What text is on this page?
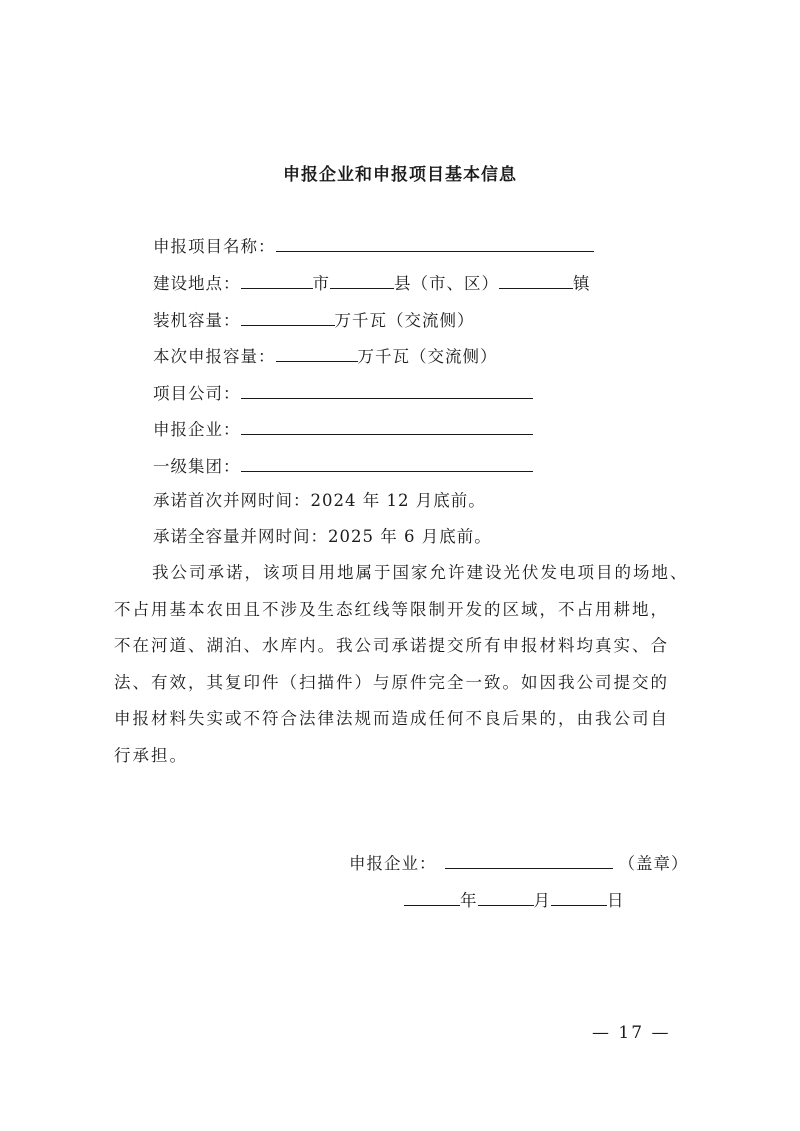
申报企业和申报项目基本信息
申报项目名称：
建设地点：	市	县（市、区）	镇
装机容量：	万千瓦（交流侧）
本次申报容量：	万千瓦（交流侧）
项目公司：
申报企业：
一级集团：
承诺首次并网时间：2024 年 12 月底前。
承诺全容量并网时间：2025 年 6 月底前。
我公司承诺，该项目用地属于国家允许建设光伏发电项目的场地、
不占用基本农田且不涉及生态红线等限制开发的区域，不占用耕地，
不在河道、湖泊、水库内。我公司承诺提交所有申报材料均真实、合
法、有效，其复印件（扫描件）与原件完全一致。如因我公司提交的
申报材料失实或不符合法律法规而造成任何不良后果的，由我公司自
行承担。
申报企业：	（盖章）
年	月	日
— 17 —
